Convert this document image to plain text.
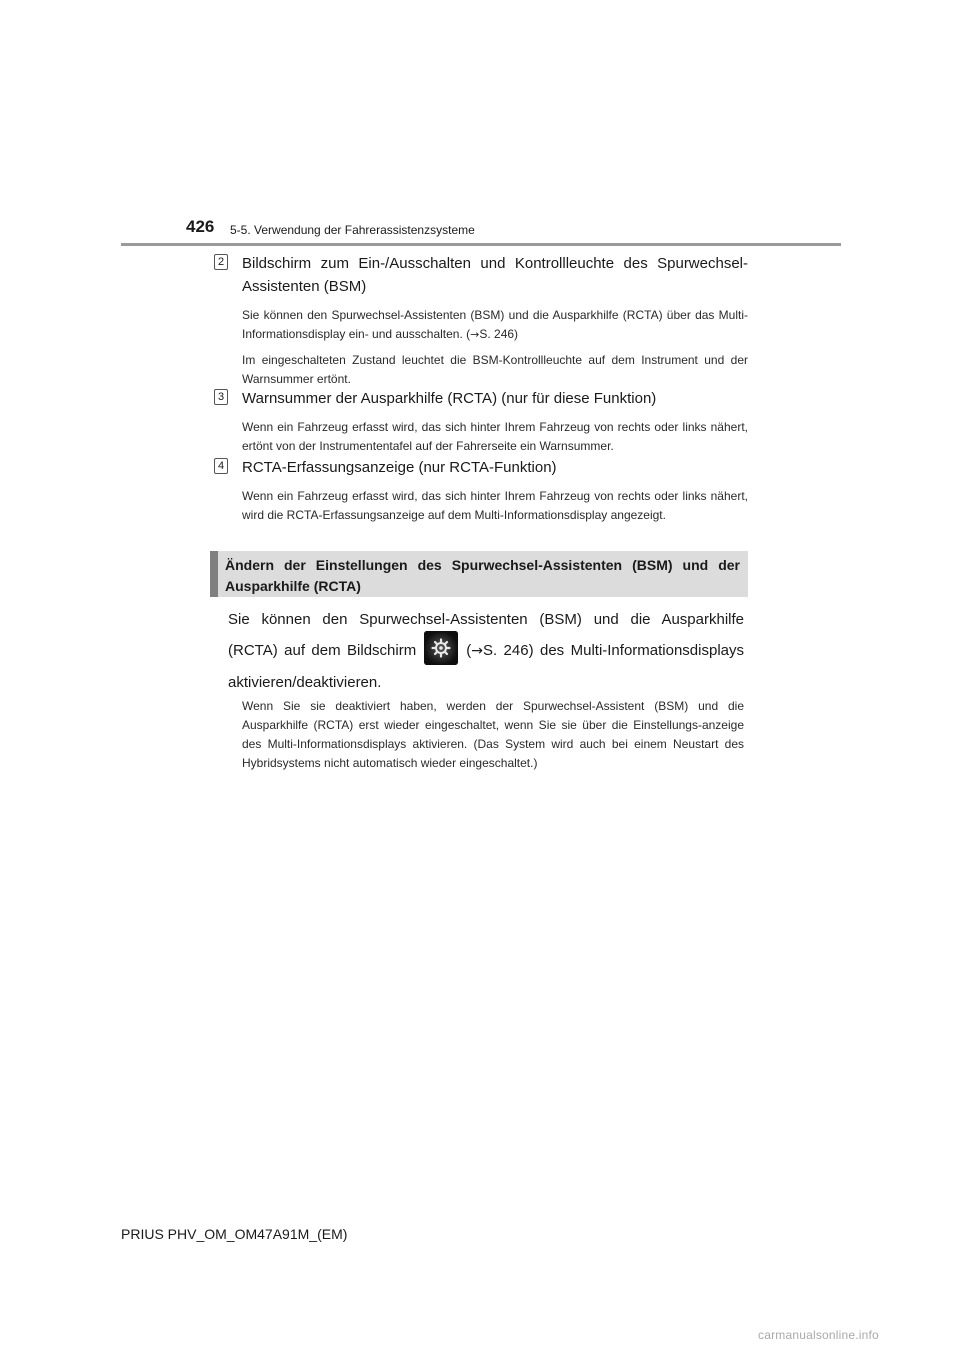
426 5-5. Verwendung der Fahrerassistenzsysteme
2 Bildschirm zum Ein-/Ausschalten und Kontrollleuchte des Spurwechsel-Assistenten (BSM)

Sie können den Spurwechsel-Assistenten (BSM) und die Ausparkhilfe (RCTA) über das Multi-Informationsdisplay ein- und ausschalten. (→S. 246)

Im eingeschalteten Zustand leuchtet die BSM-Kontrollleuchte auf dem Instrument und der Warnsummer ertönt.

3 Warnsummer der Ausparkhilfe (RCTA) (nur für diese Funktion)

Wenn ein Fahrzeug erfasst wird, das sich hinter Ihrem Fahrzeug von rechts oder links nähert, ertönt von der Instrumententafel auf der Fahrerseite ein Warnsummer.

4 RCTA-Erfassungsanzeige (nur RCTA-Funktion)

Wenn ein Fahrzeug erfasst wird, das sich hinter Ihrem Fahrzeug von rechts oder links nähert, wird die RCTA-Erfassungsanzeige auf dem Multi-Informationsdisplay angezeigt.

Ändern der Einstellungen des Spurwechsel-Assistenten (BSM) und der Ausparkhilfe (RCTA)
Sie können den Spurwechsel-Assistenten (BSM) und die Ausparkhilfe (RCTA) auf dem Bildschirm	(→S. 246) des Multi-Informationsdisplays aktivieren/deaktivieren.
Wenn Sie sie deaktiviert haben, werden der Spurwechsel-Assistent (BSM) und die Ausparkhilfe (RCTA) erst wieder eingeschaltet, wenn Sie sie über die Einstellungs-anzeige des Multi-Informationsdisplays aktivieren. (Das System wird auch bei einem Neustart des Hybridsystems nicht automatisch wieder eingeschaltet.)
PRIUS PHV_OM_OM47A91M_(EM)
carmanualsonline.info
